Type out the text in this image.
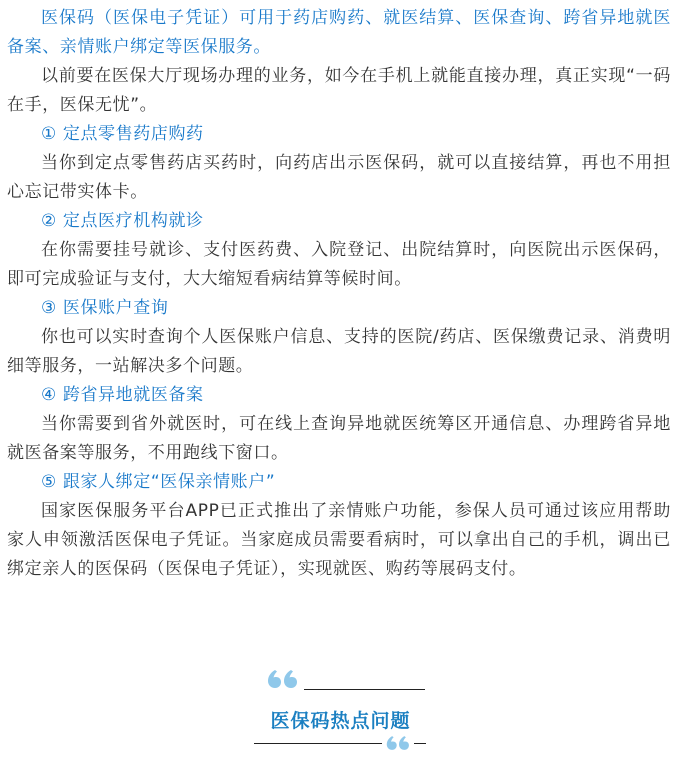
医保码（医保电子凭证）可用于药店购药、就医结算、医保查询、跨省异地就医备案、亲情账户绑定等医保服务。

以前要在医保大厅现场办理的业务，如今在手机上就能直接办理，真正实现“一码在手，医保无忧”。

① 定点零售药店购药

当你到定点零售药店买药时，向药店出示医保码，就可以直接结算，再也不用担心忘记带实体卡。

② 定点医疗机构就诊

在你需要挂号就诊、支付医药费、入院登记、出院结算时，向医院出示医保码，即可完成验证与支付，大大缩短看病结算等候时间。

③ 医保账户查询

你也可以实时查询个人医保账户信息、支持的医院/药店、医保缴费记录、消费明细等服务，一站解决多个问题。

④ 跨省异地就医备案

当你需要到省外就医时，可在线上查询异地就医统筹区开通信息、办理跨省异地就医备案等服务，不用跑线下窗口。

⑤ 跟家人绑定“医保亲情账户”

国家医保服务平台APP已正式推出了亲情账户功能，参保人员可通过该应用帮助家人申领激活医保电子凭证。当家庭成员需要看病时，可以拿出自己的手机，调出已绑定亲人的医保码（医保电子凭证），实现就医、购药等展码支付。

医保码热点问题
